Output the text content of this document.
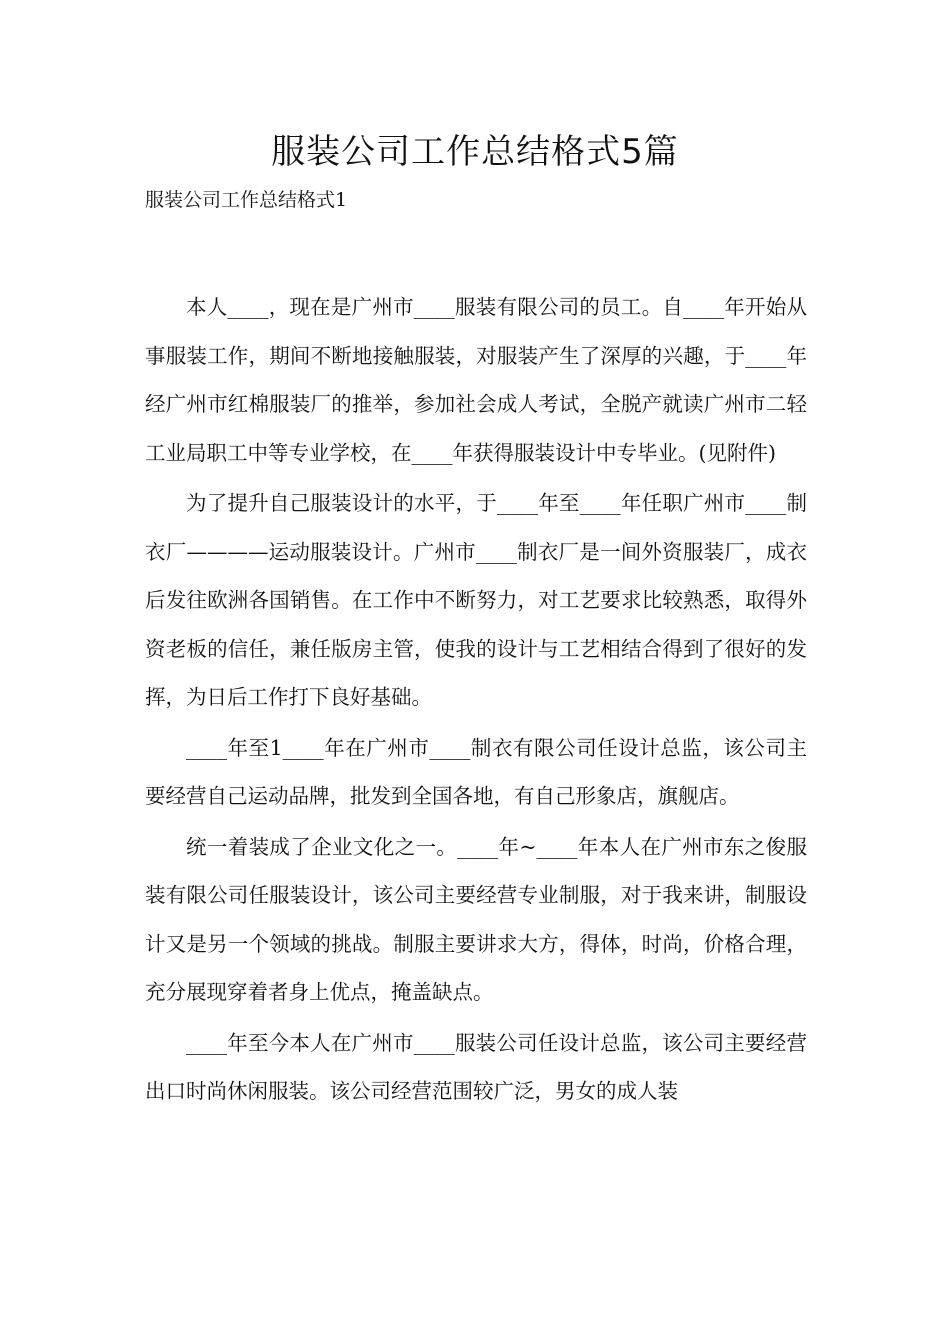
服装公司工作总结格式5篇

服装公司工作总结格式1

本人____，现在是广州市____服装有限公司的员工。自____年开始从事服装工作，期间不断地接触服装，对服装产生了深厚的兴趣，于____年经广州市红棉服装厂的推举，参加社会成人考试，全脱产就读广州市二轻工业局职工中等专业学校，在____年获得服装设计中专毕业。(见附件)

为了提升自己服装设计的水平，于____年至____年任职广州市____制衣厂————运动服装设计。广州市____制衣厂是一间外资服装厂，成衣后发往欧洲各国销售。在工作中不断努力，对工艺要求比较熟悉，取得外资老板的信任，兼任版房主管，使我的设计与工艺相结合得到了很好的发挥，为日后工作打下良好基础。

____年至1____年在广州市____制衣有限公司任设计总监，该公司主要经营自己运动品牌，批发到全国各地，有自己形象店，旗舰店。

统一着装成了企业文化之一。____年~____年本人在广州市东之俊服装有限公司任服装设计，该公司主要经营专业制服，对于我来讲，制服设计又是另一个领域的挑战。制服主要讲求大方，得体，时尚，价格合理，充分展现穿着者身上优点，掩盖缺点。

____年至今本人在广州市____服装公司任设计总监，该公司主要经营出口时尚休闲服装。该公司经营范围较广泛，男女的成人装
